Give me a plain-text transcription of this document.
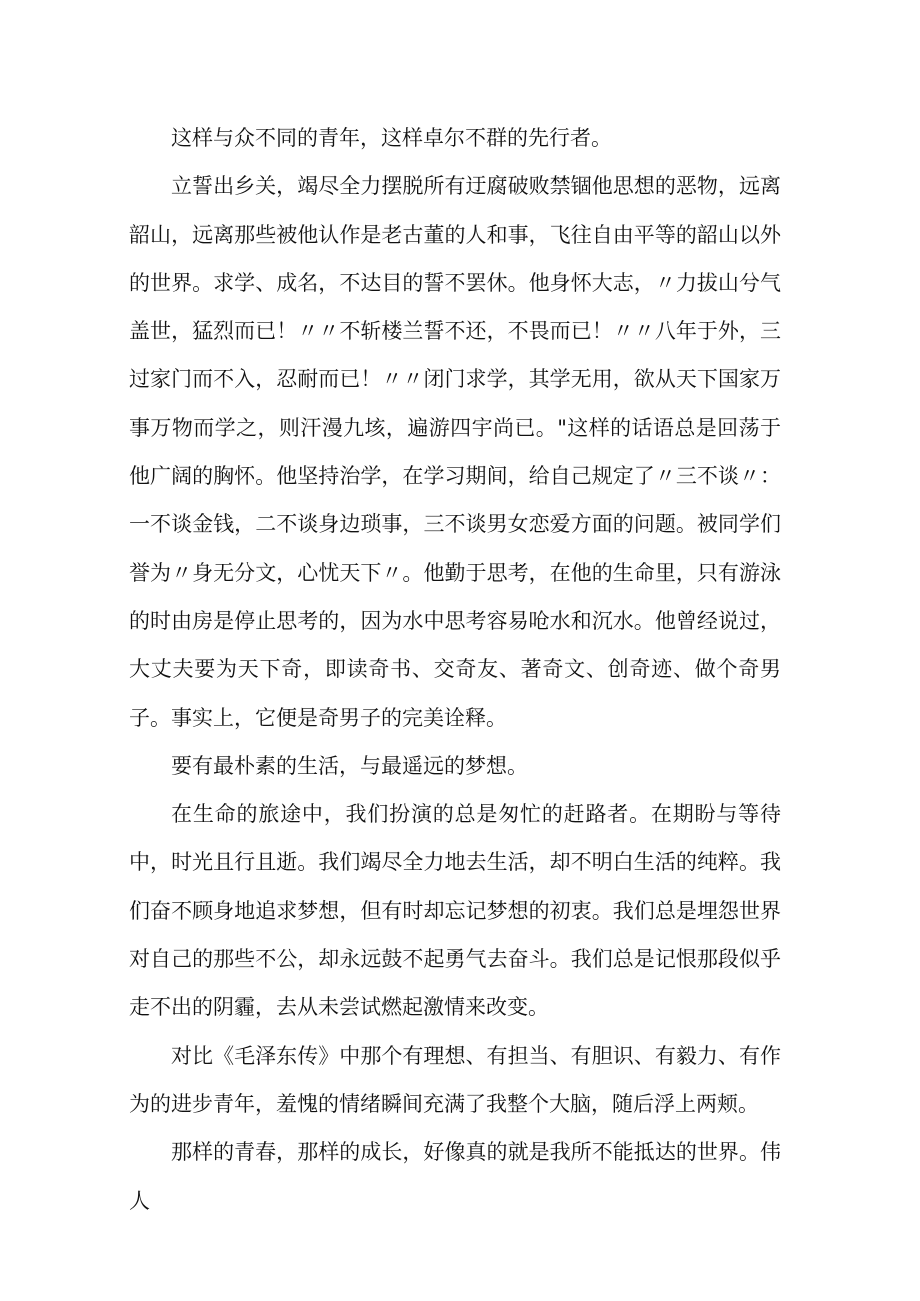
这样与众不同的青年，这样卓尔不群的先行者。

立誓出乡关，竭尽全力摆脱所有迂腐破败禁锢他思想的恶物，远离韶山，远离那些被他认作是老古董的人和事，飞往自由平等的韶山以外的世界。求学、成名，不达目的誓不罢休。他身怀大志，〃力拔山兮气盖世，猛烈而已！〃〃不斩楼兰誓不还，不畏而已！〃〃八年于外，三过家门而不入，忍耐而已！〃〃闭门求学，其学无用，欲从天下国家万事万物而学之，则汗漫九垓，遍游四宇尚已。"这样的话语总是回荡于他广阔的胸怀。他坚持治学，在学习期间，给自己规定了〃三不谈〃：一不谈金钱，二不谈身边琐事，三不谈男女恋爱方面的问题。被同学们誉为〃身无分文，心忧天下〃。他勤于思考，在他的生命里，只有游泳的时由房是停止思考的，因为水中思考容易呛水和沉水。他曾经说过，大丈夫要为天下奇，即读奇书、交奇友、著奇文、创奇迹、做个奇男子。事实上，它便是奇男子的完美诠释。

要有最朴素的生活，与最遥远的梦想。

在生命的旅途中，我们扮演的总是匆忙的赶路者。在期盼与等待中，时光且行且逝。我们竭尽全力地去生活，却不明白生活的纯粹。我们奋不顾身地追求梦想，但有时却忘记梦想的初衷。我们总是埋怨世界对自己的那些不公，却永远鼓不起勇气去奋斗。我们总是记恨那段似乎走不出的阴霾，去从未尝试燃起激情来改变。

对比《毛泽东传》中那个有理想、有担当、有胆识、有毅力、有作为的进步青年，羞愧的情绪瞬间充满了我整个大脑，随后浮上两颊。

那样的青春，那样的成长，好像真的就是我所不能抵达的世界。伟人
